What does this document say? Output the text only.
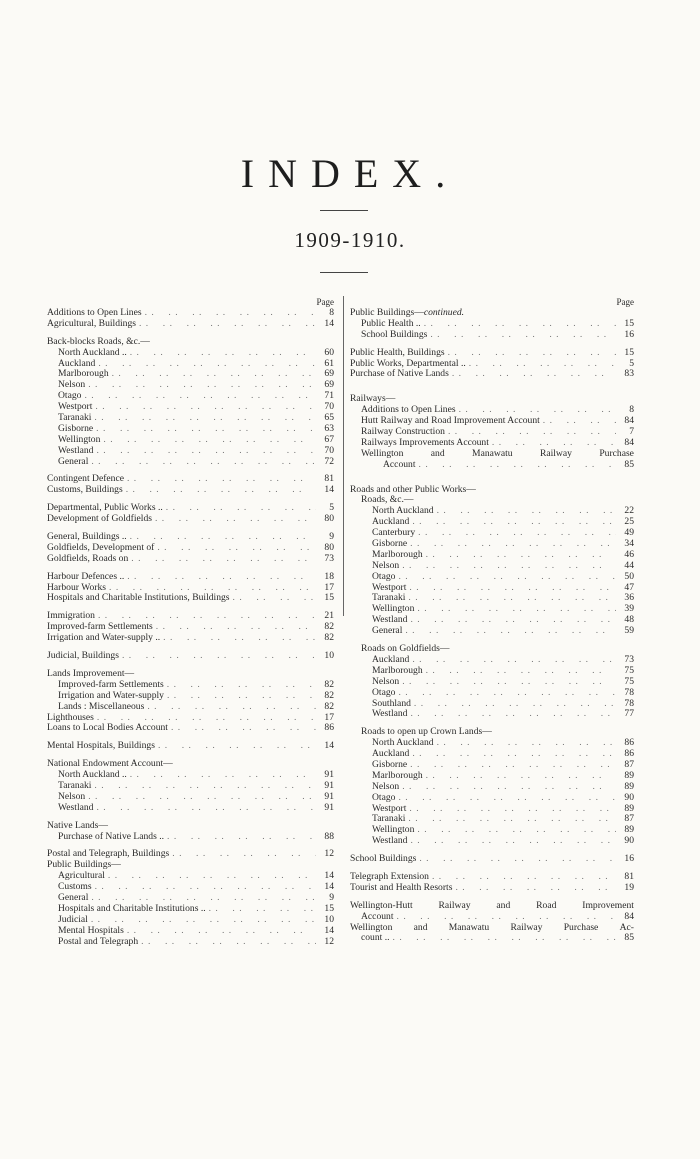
INDEX.
1909-1910.
Page
Additions to Open Lines . .	8
Agricultural, Buildings . .	14
Back-blocks Roads, &c.—
North Auckland .. . .	60
Auckland . .	61
Marlborough . .	69
Nelson . .	69
Otago . .	71
Westport . .	70
Taranaki . .	65
Gisborne . .	63
Wellington . .	67
Westland . .	70
General . .	72
Contingent Defence . .	81
Customs, Buildings . .	14
Departmental, Public Works .. . .	5
Development of Goldfields . .	80
General, Buildings .. . .	9
Goldfields, Development of . .	80
Goldfields, Roads on . .	73
Harbour Defences .. . .	18
Harbour Works . .	17
Hospitals and Charitable Institutions, Buildings . .	15
Immigration . .	21
Improved-farm Settlements . .	82
Irrigation and Water-supply .. . .	82
Judicial, Buildings . .	10
Lands Improvement—
Improved-farm Settlements . .	82
Irrigation and Water-supply . .	82
Lands : Miscellaneous . .	82
Lighthouses . .	17
Loans to Local Bodies Account . .	86
Mental Hospitals, Buildings . .	14
National Endowment Account—
North Auckland .. . .	91
Taranaki . .	91
Nelson . .	91
Westland . .	91
Native Lands—
Purchase of Native Lands .. . .	88
Postal and Telegraph, Buildings . .	12
Public Buildings—
Agricultural . .	14
Customs . .	14
General . .	9
Hospitals and Charitable Institutions .. . .	15
Judicial . .	10
Mental Hospitals . .	14
Postal and Telegraph . .	12
Page
Public Buildings—continued.
Public Health .. . .	15
School Buildings . .	16
Public Health, Buildings . .	15
Public Works, Departmental .. . .	5
Purchase of Native Lands . .	83
Railways—
Additions to Open Lines . .	8
Hutt Railway and Road Improvement Account . .	84
Railway Construction . .	7
Railways Improvements Account . .	84
Wellington	and	Manawatu	Railway	Purchase
Account . .	85
Roads and other Public Works—
Roads, &c.—
North Auckland . .	22
Auckland . .	25
Canterbury . .	49
Gisborne . .	34
Marlborough . .	46
Nelson . .	44
Otago . .	50
Westport . .	47
Taranaki . .	36
Wellington . .	39
Westland . .	48
General . .	59
Roads on Goldfields—
Auckland . .	73
Marlborough . .	75
Nelson . .	75
Otago . .	78
Southland . .	78
Westland . .	77
Roads to open up Crown Lands—
North Auckland . .	86
Auckland . .	86
Gisborne . .	87
Marlborough . .	89
Nelson . .	89
Otago . .	90
Westport . .	89
Taranaki . .	87
Wellington . .	89
Westland . .	90
School Buildings . .	16
Telegraph Extension . .	81
Tourist and Health Resorts . .	19
Wellington-Hutt	Railway	and	Road	Improvement
Account . .	84
Wellington and Manawatu Railway Purchase Ac-
count .. . .	85
